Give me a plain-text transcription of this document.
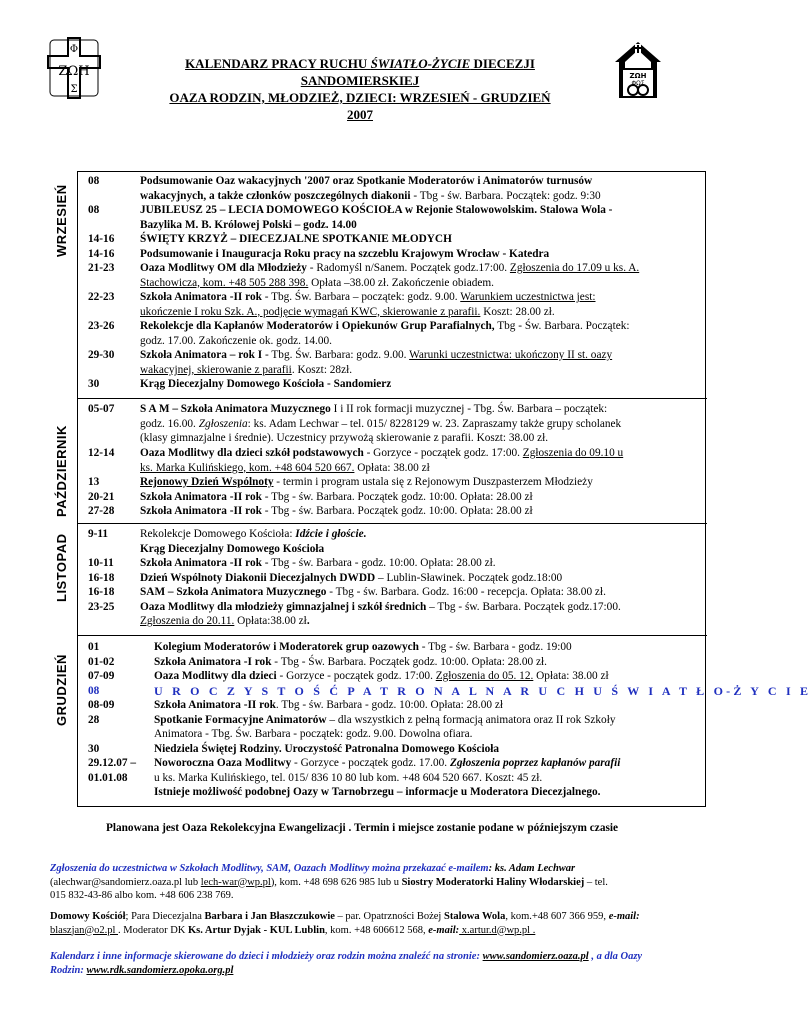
ΖΩΗ
Φ
Σ
ΖΩΗ
ΦΩΣ
KALENDARZ PRACY RUCHU ŚWIATŁO-ŻYCIE DIECEZJI
SANDOMIERSKIEJ
OAZA RODZIN, MŁODZIEŻ, DZIECI: WRZESIEŃ - GRUDZIEŃ
2007
WRZESIEŃ
08	Podsumowanie Oaz wakacyjnych '2007 oraz Spotkanie Moderatorów i Animatorów turnusów
wakacyjnych, a także członków poszczególnych diakonii - Tbg - św. Barbara. Początek: godz. 9:30
08	JUBILEUSZ 25 – LECIA DOMOWEGO KOŚCIOŁA w Rejonie Stalowowolskim. Stalowa Wola -
Bazylika M. B. Królowej Polski – godz. 14.00
14-16 ŚWIĘTY KRZYŻ – DIECEZJALNE SPOTKANIE MŁODYCH
14-16 Podsumowanie i Inauguracja Roku pracy na szczeblu Krajowym Wrocław - Katedra
21-23 Oaza Modlitwy OM dla Młodzieży - Radomyśl n/Sanem. Początek godz.17:00. Zgłoszenia do 17.09 u ks. A.
Stachowicza, kom. +48 505 288 398. Opłata –38.00 zł. Zakończenie obiadem.
22-23 Szkoła Animatora -II rok - Tbg. Św. Barbara – początek: godz. 9.00. Warunkiem uczestnictwa jest:
ukończenie I roku Szk. A., podjęcie wymagań KWC, skierowanie z parafii. Koszt: 28.00 zł.
23-26 Rekolekcje dla Kapłanów Moderatorów i Opiekunów Grup Parafialnych, Tbg - Św. Barbara. Początek:
godz. 17.00. Zakończenie ok. godz. 14.00.
29-30 Szkoła Animatora – rok I - Tbg. Św. Barbara: godz. 9.00. Warunki uczestnictwa: ukończony II st. oazy
wakacyjnej, skierowanie z parafii. Koszt: 28zł.
30	Krąg Diecezjalny Domowego Kościoła - Sandomierz
PAŹDZIERNIK
05-07 S A M – Szkoła Animatora Muzycznego I i II rok formacji muzycznej - Tbg. Św. Barbara – początek:
godz. 16.00. Zgłoszenia: ks. Adam Lechwar – tel. 015/ 8228129 w. 23. Zapraszamy także grupy scholanek
(klasy gimnazjalne i średnie). Uczestnicy przywożą skierowanie z parafii. Koszt: 38.00 zł.
12-14 Oaza Modlitwy dla dzieci szkół podstawowych - Gorzyce - początek godz. 17:00. Zgłoszenia do 09.10 u
ks. Marka Kulińskiego, kom. +48 604 520 667. Opłata: 38.00 zł
13	Rejonowy Dzień Wspólnoty - termin i program ustala się z Rejonowym Duszpasterzem Młodzieży
20-21 Szkoła Animatora -II rok - Tbg - św. Barbara. Początek godz. 10:00. Opłata: 28.00 zł
27-28 Szkoła Animatora -II rok - Tbg - św. Barbara. Początek godz. 10:00. Opłata: 28.00 zł
LISTOPAD 9-11	Rekolekcje Domowego Kościoła: Idźcie i głoście.
Krąg Diecezjalny Domowego Kościoła
10-11 Szkoła Animatora -II rok - Tbg - św. Barbara - godz. 10:00. Opłata: 28.00 zł.
16-18 Dzień Wspólnoty Diakonii Diecezjalnych DWDD – Lublin-Sławinek. Początek godz.18:00
16-18 SAM – Szkoła Animatora Muzycznego - Tbg - św. Barbara. Godz. 16:00 - recepcja. Opłata: 38.00 zł.
23-25 Oaza Modlitwy dla młodzieży gimnazjalnej i szkół średnich – Tbg - św. Barbara. Początek godz.17:00.
Zgłoszenia do 20.11. Opłata:38.00 zł.
GRUDZIEŃ
01	Kolegium Moderatorów i Moderatorek grup oazowych - Tbg - św. Barbara - godz. 19:00
01-02	Szkoła Animatora -I rok - Tbg - Św. Barbara. Początek godz. 10:00. Opłata: 28.00 zł.
07-09	Oaza Modlitwy dla dzieci - Gorzyce - początek godz. 17:00. Zgłoszenia do 05. 12. Opłata: 38.00 zł
08	U R O C Z Y S T O Ś Ć P A T R O N A L N A R U C H U Ś W I A T Ł O-Ż Y C I E
08-09	Szkoła Animatora -II rok. Tbg - św. Barbara - godz. 10:00. Opłata: 28.00 zł
28	Spotkanie Formacyjne Animatorów – dla wszystkich z pełną formacją animatora oraz II rok Szkoły
Animatora - Tbg. Św. Barbara - początek: godz. 9.00. Dowolna ofiara.
30	Niedziela Świętej Rodziny. Uroczystość Patronalna Domowego Kościoła
29.12.07 – Noworoczna Oaza Modlitwy - Gorzyce - początek godz. 17.00. Zgłoszenia poprzez kapłanów parafii
01.01.08 u ks. Marka Kulińskiego, tel. 015/ 836 10 80 lub kom. +48 604 520 667. Koszt: 45 zł.
Istnieje możliwość podobnej Oazy w Tarnobrzegu – informacje u Moderatora Diecezjalnego.
Planowana jest Oaza Rekolekcyjna Ewangelizacji . Termin i miejsce zostanie podane w późniejszym czasie
Zgłoszenia do uczestnictwa w Szkołach Modlitwy, SAM, Oazach Modlitwy można przekazać e-mailem: ks. Adam Lechwar
(alechwar@sandomierz.oaza.pl lub lech-war@wp.pl), kom. +48 698 626 985 lub u Siostry Moderatorki Haliny Włodarskiej – tel.
015 832-43-86 albo kom. +48 606 238 769.
Domowy Kościół; Para Diecezjalna Barbara i Jan Błaszczukowie – par. Opatrzności Bożej Stalowa Wola, kom.+48 607 366 959, e-mail:
blaszjan@o2.pl . Moderator DK Ks. Artur Dyjak - KUL Lublin, kom. +48 606612 568, e-mail: x.artur.d@wp.pl .
Kalendarz i inne informacje skierowane do dzieci i młodzieży oraz rodzin można znaleźć na stronie: www.sandomierz.oaza.pl , a dla Oazy
Rodzin: www.rdk.sandomierz.opoka.org.pl
